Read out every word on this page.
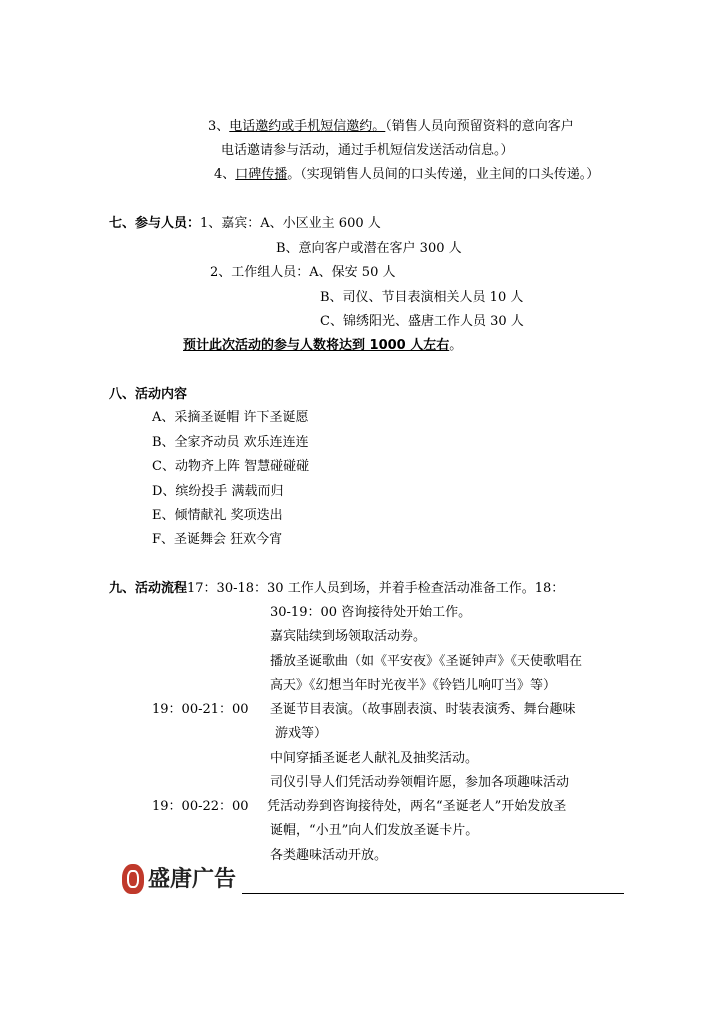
3、电话邀约或手机短信邀约。（销售人员向预留资料的意向客户
电话邀请参与活动，通过手机短信发送活动信息。）
4、口碑传播。（实现销售人员间的口头传递，业主间的口头传递。）
七、参与人员：1、嘉宾：A、小区业主 600 人
B、意向客户或潜在客户 300 人
2、工作组人员：A、保安 50 人
B、司仪、节目表演相关人员 10 人
C、锦绣阳光、盛唐工作人员 30 人
预计此次活动的参与人数将达到 1000 人左右。
八、活动内容
A、采摘圣诞帽 许下圣诞愿
B、全家齐动员 欢乐连连连
C、动物齐上阵 智慧碰碰碰
D、缤纷投手 满载而归
E、倾情献礼 奖项迭出
F、圣诞舞会 狂欢今宵
九、活动流程17：30-18：30 工作人员到场，并着手检查活动准备工作。18：
30-19：00 咨询接待处开始工作。
嘉宾陆续到场领取活动券。
播放圣诞歌曲（如《平安夜》《圣诞钟声》《天使歌唱在
高天》《幻想当年时光夜半》《铃铛儿响叮当》等）
19：00-21：00 圣诞节目表演。（故事剧表演、时装表演秀、舞台趣味
游戏等）
中间穿插圣诞老人献礼及抽奖活动。
司仪引导人们凭活动券领帽许愿，参加各项趣味活动
19：00-22：00 凭活动券到咨询接待处，两名“圣诞老人”开始发放圣
诞帽，“小丑”向人们发放圣诞卡片。
各类趣味活动开放。
盛唐广告
